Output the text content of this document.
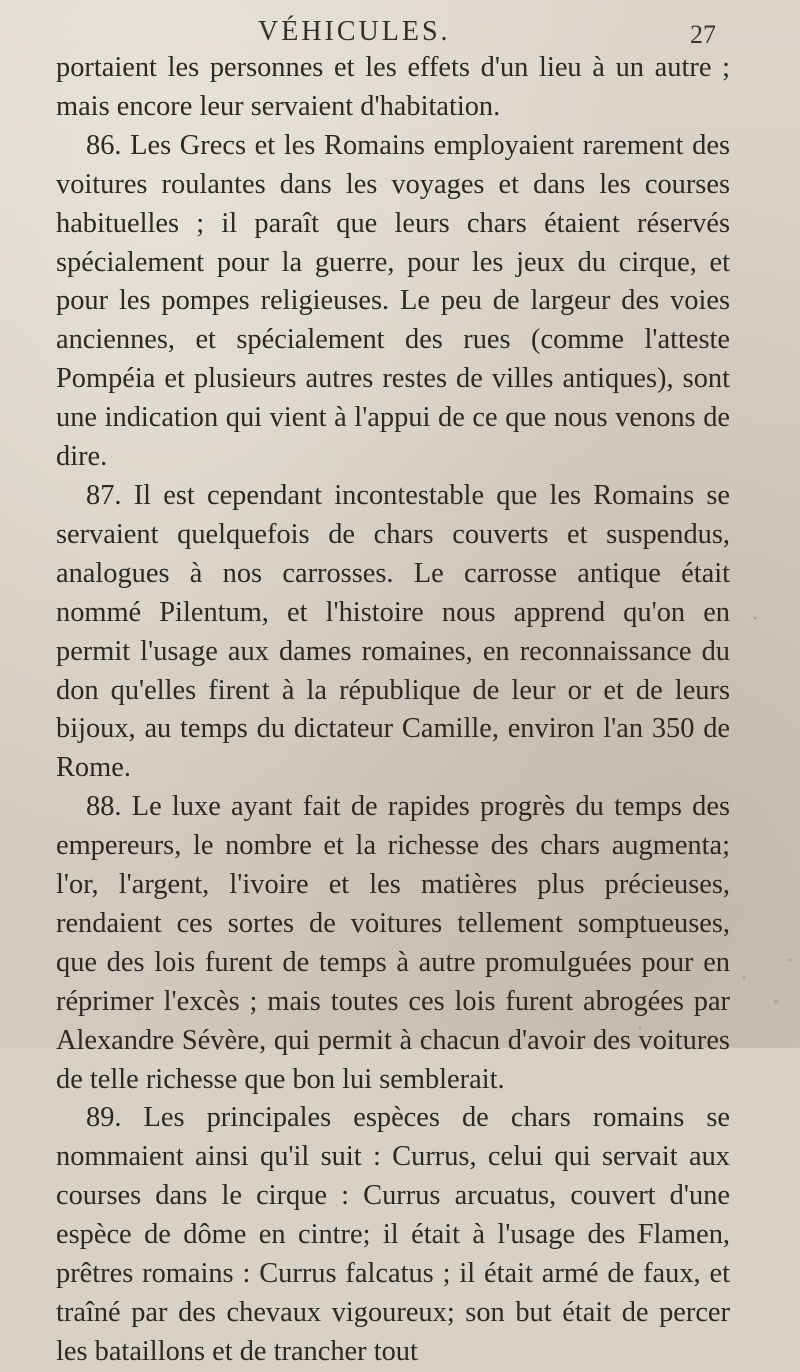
VÉHICULES.	27

portaient les personnes et les effets d'un lieu à un autre ; mais encore leur servaient d'habitation.

86. Les Grecs et les Romains employaient rarement des voitures roulantes dans les voyages et dans les courses habituelles ; il paraît que leurs chars étaient réservés spécialement pour la guerre, pour les jeux du cirque, et pour les pompes religieuses. Le peu de largeur des voies anciennes, et spécialement des rues (comme l'atteste Pompéia et plusieurs autres restes de villes antiques), sont une indication qui vient à l'appui de ce que nous venons de dire.

87. Il est cependant incontestable que les Romains se servaient quelquefois de chars couverts et suspendus, analogues à nos carrosses. Le carrosse antique était nommé Pilentum, et l'histoire nous apprend qu'on en permit l'usage aux dames romaines, en reconnaissance du don qu'elles firent à la république de leur or et de leurs bijoux, au temps du dictateur Camille, environ l'an 350 de Rome.

88. Le luxe ayant fait de rapides progrès du temps des empereurs, le nombre et la richesse des chars augmenta; l'or, l'argent, l'ivoire et les matières plus précieuses, rendaient ces sortes de voitures tellement somptueuses, que des lois furent de temps à autre promulguées pour en réprimer l'excès ; mais toutes ces lois furent abrogées par Alexandre Sévère, qui permit à chacun d'avoir des voitures de telle richesse que bon lui semblerait.

89. Les principales espèces de chars romains se nommaient ainsi qu'il suit : Currus, celui qui servait aux courses dans le cirque : Currus arcuatus, couvert d'une espèce de dôme en cintre; il était à l'usage des Flamen, prêtres romains : Currus falcatus ; il était armé de faux, et traîné par des chevaux vigoureux; son but était de percer les bataillons et de trancher tout
